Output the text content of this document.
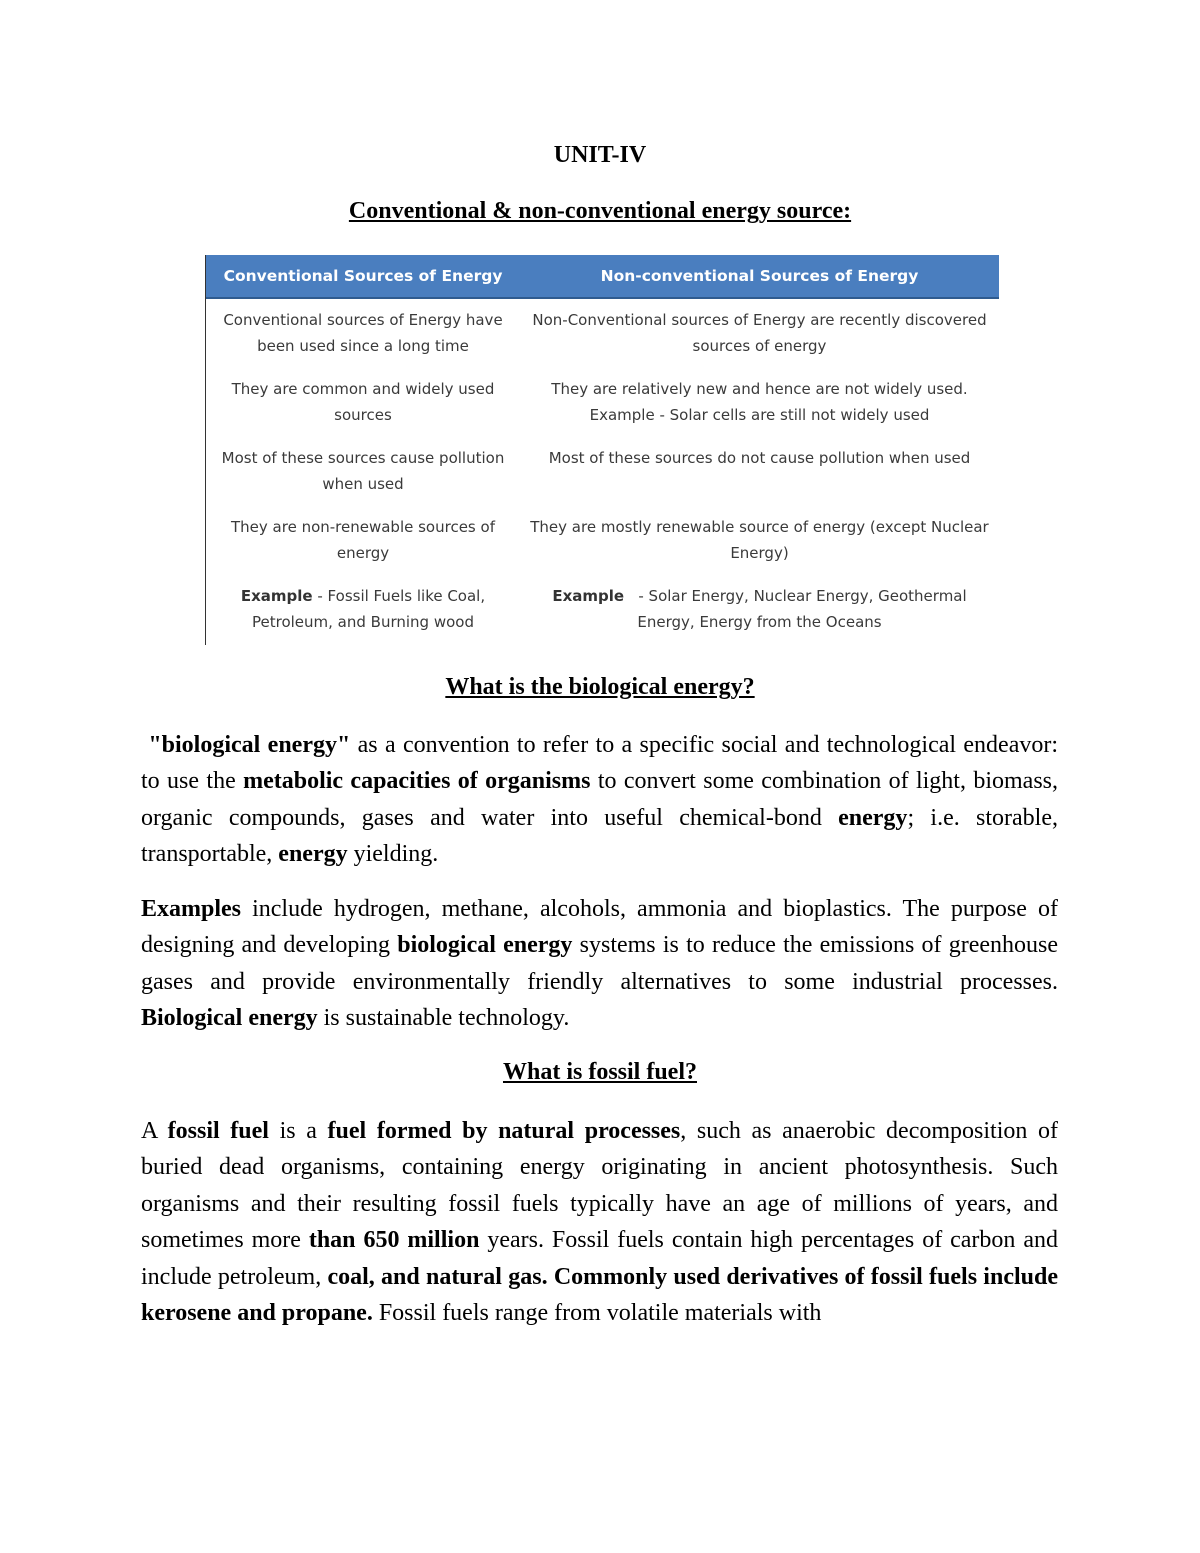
UNIT-IV
Conventional & non-conventional energy source:
Conventional Sources of Energy	Non-conventional Sources of Energy
Conventional sources of Energy have been used since a long time
Non-Conventional sources of Energy are recently discovered sources of energy
They are common and widely used sources
They are relatively new and hence are not widely used. Example - Solar cells are still not widely used
Most of these sources cause pollution when used
Most of these sources do not cause pollution when used
They are non-renewable sources of energy
They are mostly renewable source of energy (except Nuclear Energy)
Example - Fossil Fuels like Coal, Petroleum, and Burning wood
Example   - Solar Energy, Nuclear Energy, Geothermal Energy, Energy from the Oceans
What is the biological energy?
"biological energy" as a convention to refer to a specific social and technological endeavor: to use the metabolic capacities of organisms to convert some combination of light, biomass, organic compounds, gases and water into useful chemical-bond energy; i.e. storable, transportable, energy yielding.
Examples include hydrogen, methane, alcohols, ammonia and bioplastics. The purpose of designing and developing biological energy systems is to reduce the emissions of greenhouse gases and provide environmentally friendly alternatives to some industrial processes. Biological energy is sustainable technology.
What is fossil fuel?
A fossil fuel is a fuel formed by natural processes, such as anaerobic decomposition of buried dead organisms, containing energy originating in ancient photosynthesis. Such organisms and their resulting fossil fuels typically have an age of millions of years, and sometimes more than 650 million years. Fossil fuels contain high percentages of carbon and include petroleum, coal, and natural gas. Commonly used derivatives of fossil fuels include kerosene and propane. Fossil fuels range from volatile materials with
